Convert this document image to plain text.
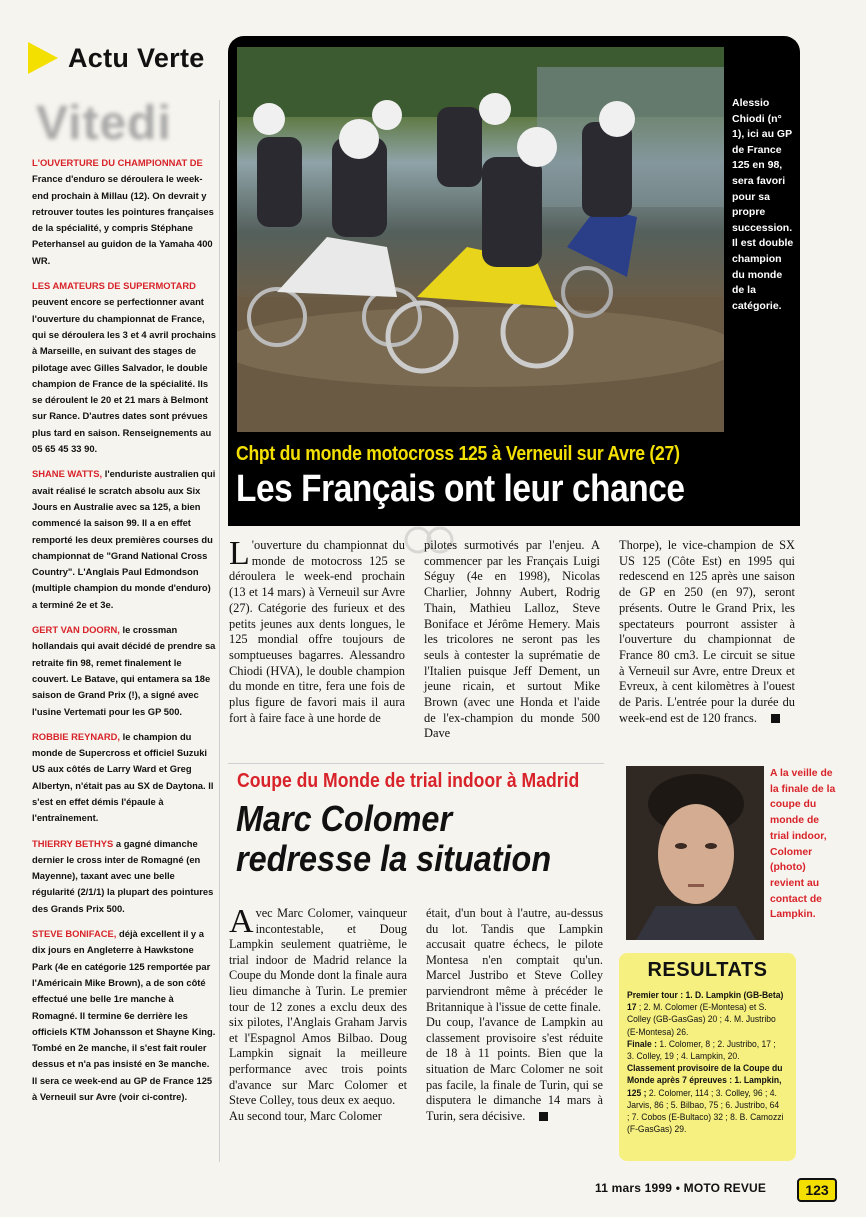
Actu Verte
Vitedi

L'OUVERTURE DU CHAMPIONNAT DE France d'enduro se déroulera le week-end prochain à Millau (12). On devrait y retrouver toutes les pointures françaises de la spécialité, y compris Stéphane Peterhansel au guidon de la Yamaha 400 WR.

LES AMATEURS DE SUPERMOTARD peuvent encore se perfectionner avant l'ouverture du championnat de France, qui se déroulera les 3 et 4 avril prochains à Marseille, en suivant des stages de pilotage avec Gilles Salvador, le double champion de France de la spécialité. Ils se déroulent le 20 et 21 mars à Belmont sur Rance. D'autres dates sont prévues plus tard en saison. Renseignements au 05 65 45 33 90.

SHANE WATTS, l'enduriste australien qui avait réalisé le scratch absolu aux Six Jours en Australie avec sa 125, a bien commencé la saison 99. Il a en effet remporté les deux premières courses du championnat de "Grand National Cross Country". L'Anglais Paul Edmondson (multiple champion du monde d'enduro) a terminé 2e et 3e.

GERT VAN DOORN, le crossman hollandais qui avait décidé de prendre sa retraite fin 98, remet finalement le couvert. Le Batave, qui entamera sa 18e saison de Grand Prix (!), a signé avec l'usine Vertemati pour les GP 500.

ROBBIE REYNARD, le champion du monde de Supercross et officiel Suzuki US aux côtés de Larry Ward et Greg Albertyn, n'était pas au SX de Daytona. Il s'est en effet démis l'épaule à l'entraînement.

THIERRY BETHYS a gagné dimanche dernier le cross inter de Romagné (en Mayenne), taxant avec une belle régularité (2/1/1) la plupart des pointures des Grands Prix 500.

STEVE BONIFACE, déjà excellent il y a dix jours en Angleterre à Hawkstone Park (4e en catégorie 125 remportée par l'Américain Mike Brown), a de son côté effectué une belle 1re manche à Romagné. Il termine 6e derrière les officiels KTM Johansson et Shayne King. Tombé en 2e manche, il s'est fait rouler dessus et n'a pas insisté en 3e manche. Il sera ce week-end au GP de France 125 à Verneuil sur Avre (voir ci-contre).

Alessio Chiodi (n° 1), ici au GP de France 125 en 98, sera favori pour sa propre succession. Il est double champion du monde de la catégorie.
Chpt du monde motocross 125 à Verneuil sur Avre (27)
Les Français ont leur chance
L 'ouverture du championnat du monde de motocross 125 se déroulera le week-end prochain (13 et 14 mars) à Verneuil sur Avre (27). Catégorie des furieux et des petits jeunes aux dents longues, le 125 mondial offre toujours de somptueuses bagarres. Alessandro Chiodi (HVA), le double champion du monde en titre, fera une fois de plus figure de favori mais il aura fort à faire face à une horde de
pilotes surmotivés par l'enjeu. A commencer par les Français Luigi Séguy (4e en 1998), Nicolas Charlier, Johnny Aubert, Rodrig Thain, Mathieu Lalloz, Steve Boniface et Jérôme Hemery. Mais les tricolores ne seront pas les seuls à contester la suprématie de l'Italien puisque Jeff Dement, un jeune ricain, et surtout Mike Brown (avec une Honda et l'aide de l'ex-champion du monde 500 Dave
Thorpe), le vice-champion de SX US 125 (Côte Est) en 1995 qui redescend en 125 après une saison de GP en 250 (en 97), seront présents. Outre le Grand Prix, les spectateurs pourront assister à l'ouverture du championnat de France 80 cm3. Le circuit se situe à Verneuil sur Avre, entre Dreux et Evreux, à cent kilomètres à l'ouest de Paris. L'entrée pour la durée du week-end est de 120 francs.
Coupe du Monde de trial indoor à Madrid
Marc Colomer
redresse la situation
Avec Marc Colomer, vainqueur incontestable, et Doug Lampkin seulement quatrième, le trial indoor de Madrid relance la Coupe du Monde dont la finale aura lieu dimanche à Turin. Le premier tour de 12 zones a exclu deux des six pilotes, l'Anglais Graham Jarvis et l'Espagnol Amos Bilbao. Doug Lampkin signait la meilleure performance avec trois points d'avance sur Marc Colomer et Steve Colley, tous deux ex aequo.
Au second tour, Marc Colomer
était, d'un bout à l'autre, au-dessus du lot. Tandis que Lampkin accusait quatre échecs, le pilote Montesa n'en comptait qu'un. Marcel Justribo et Steve Colley parviendront même à précéder le Britannique à l'issue de cette finale.
Du coup, l'avance de Lampkin au classement provisoire s'est réduite de 18 à 11 points. Bien que la situation de Marc Colomer ne soit pas facile, la finale de Turin, qui se disputera le dimanche 14 mars à Turin, sera décisive.
A la veille de la finale de la coupe du monde de trial indoor, Colomer (photo) revient au contact de Lampkin.
RESULTATS

Premier tour : 1. D. Lampkin (GB-Beta) 17 ; 2. M. Colomer (E-Montesa) et S. Colley (GB-GasGas) 20 ; 4. M. Justribo (E-Montesa) 26.

Finale : 1. Colomer, 8 ; 2. Justribo, 17 ; 3. Colley, 19 ; 4. Lampkin, 20.

Classement provisoire de la Coupe du Monde après 7 épreuves : 1. Lampkin, 125 ; 2. Colomer, 114 ; 3. Colley, 96 ; 4. Jarvis, 86 ; 5. Bilbao, 75 ; 6. Justribo, 64 ; 7. Cobos (E-Bultaco) 32 ; 8. B. Camozzi (F-GasGas) 29.

11 mars 1999 • MOTO REVUE	123
